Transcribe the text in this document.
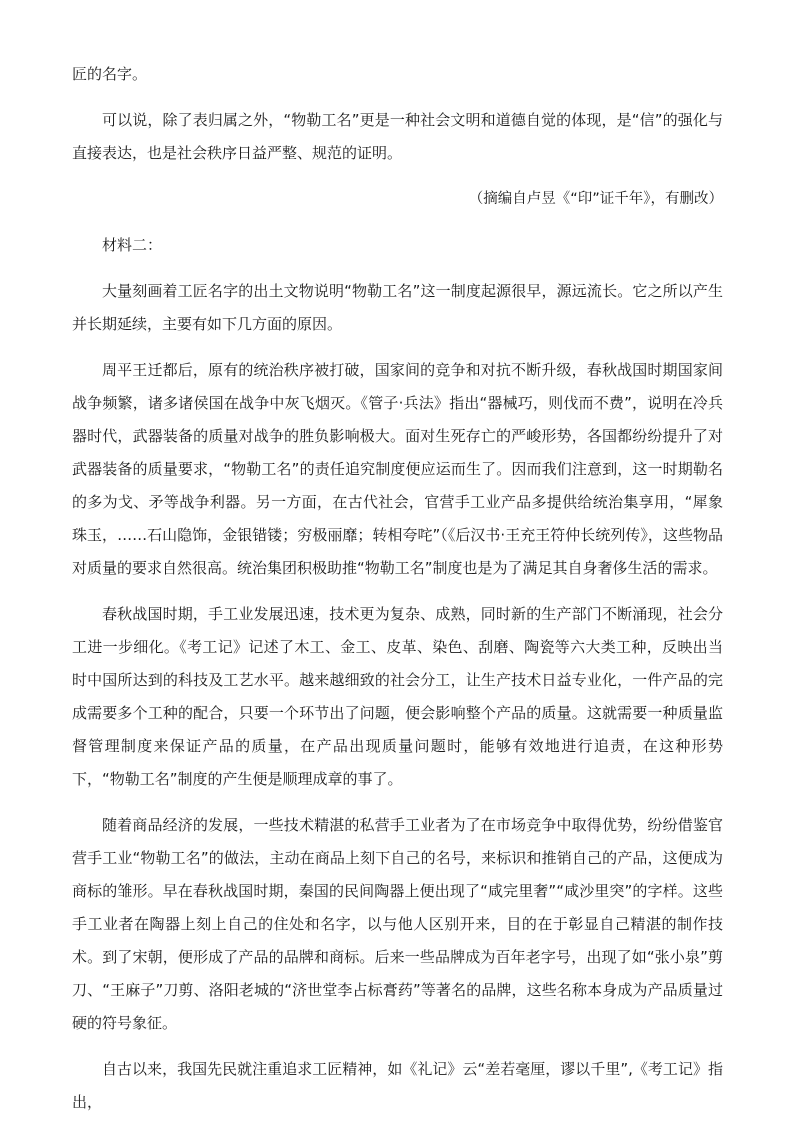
匠的名字。

可以说，除了表归属之外，“物勒工名”更是一种社会文明和道德自觉的体现，是“信”的强化与直接表达，也是社会秩序日益严整、规范的证明。

（摘编自卢昱《“印”证千年》，有删改）

材料二：

大量刻画着工匠名字的出土文物说明“物勒工名”这一制度起源很早，源远流长。它之所以产生并长期延续，主要有如下几方面的原因。

周平王迁都后，原有的统治秩序被打破，国家间的竞争和对抗不断升级，春秋战国时期国家间战争频繁，诸多诸侯国在战争中灰飞烟灭。《管子·兵法》指出“器械巧，则伐而不费”，说明在冷兵器时代，武器装备的质量对战争的胜负影响极大。面对生死存亡的严峻形势，各国都纷纷提升了对武器装备的质量要求，“物勒工名”的责任追究制度便应运而生了。因而我们注意到，这一时期勒名的多为戈、矛等战争利器。另一方面，在古代社会，官营手工业产品多提供给统治集享用，“犀象珠玉，……石山隐饰，金银错镂；穷极丽靡；转相夸咤”（《后汉书·王充王符仲长统列传》，这些物品对质量的要求自然很高。统治集团积极助推“物勒工名”制度也是为了满足其自身奢侈生活的需求。

春秋战国时期，手工业发展迅速，技术更为复杂、成熟，同时新的生产部门不断涌现，社会分工进一步细化。《考工记》记述了木工、金工、皮革、染色、刮磨、陶瓷等六大类工种，反映出当时中国所达到的科技及工艺水平。越来越细致的社会分工，让生产技术日益专业化，一件产品的完成需要多个工种的配合，只要一个环节出了问题，便会影响整个产品的质量。这就需要一种质量监督管理制度来保证产品的质量，在产品出现质量问题时，能够有效地进行追责，在这种形势下，“物勒工名”制度的产生便是顺理成章的事了。

随着商品经济的发展，一些技术精湛的私营手工业者为了在市场竞争中取得优势，纷纷借鉴官营手工业“物勒工名”的做法，主动在商品上刻下自己的名号，来标识和推销自己的产品，这便成为商标的雏形。早在春秋战国时期，秦国的民间陶器上便出现了“咸完里奢”“咸沙里突”的字样。这些手工业者在陶器上刻上自己的住处和名字，以与他人区别开来，目的在于彰显自己精湛的制作技术。到了宋朝，便形成了产品的品牌和商标。后来一些品牌成为百年老字号，出现了如“张小泉”剪刀、“王麻子”刀剪、洛阳老城的“济世堂李占标膏药”等著名的品牌，这些名称本身成为产品质量过硬的符号象征。

自古以来，我国先民就注重追求工匠精神，如《礼记》云“差若毫厘，谬以千里”,《考工记》指出，
